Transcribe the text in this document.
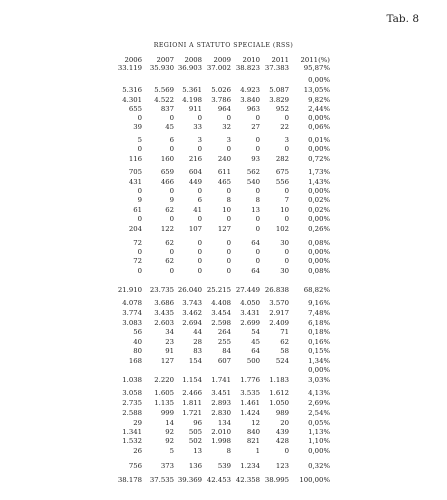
Tab. 8
REGIONI A STATUTO SPECIALE (RSS)
2006	2007	2008	2009	2010	2011	2011(%)
33.119	35.930 36.903 37.002 38.823 37.383	95,87%
0,00%
5.316	5.569	5.361	5.026	4.923	5.087	13,05%
4.301	4.522	4.198	3.786	3.840	3.829	9,82%
655	837	911	964	963	952	2,44%
0	0	0	0	0	0	0,00%
39	45	33	32	27	22	0,06%
5	6	3	3	0	3	0,01%
0	0	0	0	0	0	0,00%
116	160	216	240	93	282	0,72%
705	659	604	611	562	675	1,73%
431	466	449	465	540	556	1,43%
0	0	0	0	0	0	0,00%
9	9	6	8	8	7	0,02%
61	62	41	10	13	10	0,02%
0	0	0	0	0	0	0,00%
204	122	107	127	0	102	0,26%
72	62	0	0	64	30	0,08%
0	0	0	0	0	0	0,00%
72	62	0	0	0	0	0,00%
0	0	0	0	64	30	0,08%
21.910	23.735 26.040 25.215 27.449 26.838	68,82%
4.078	3.686	3.743	4.408	4.050	3.570	9,16%
3.774	3.435	3.462	3.454	3.431	2.917	7,48%
3.083	2.603	2.694	2.598	2.699	2.409	6,18%
56	34	44	264	54	71	0,18%
40	23	28	255	45	62	0,16%
80	91	83	84	64	58	0,15%
168	127	154	607	500	524	1,34%
0,00%
1.038	2.220	1.154	1.741	1.776	1.183	3,03%
3.058	1.605	2.466	3.451	3.535	1.612	4,13%
2.735	1.135	1.811	2.893	1.461	1.050	2,69%
2.588	999	1.721	2.830	1.424	989	2,54%
29	14	96	134	12	20	0,05%
1.341	92	505	2.010	840	439	1,13%
1.532	92	502	1.998	821	428	1,10%
26	5	13	8	1	0	0,00%
756	373	136	539	1.234	123	0,32%
38.178	37.535 39.369 42.453 42.358 38.995	100,00%
